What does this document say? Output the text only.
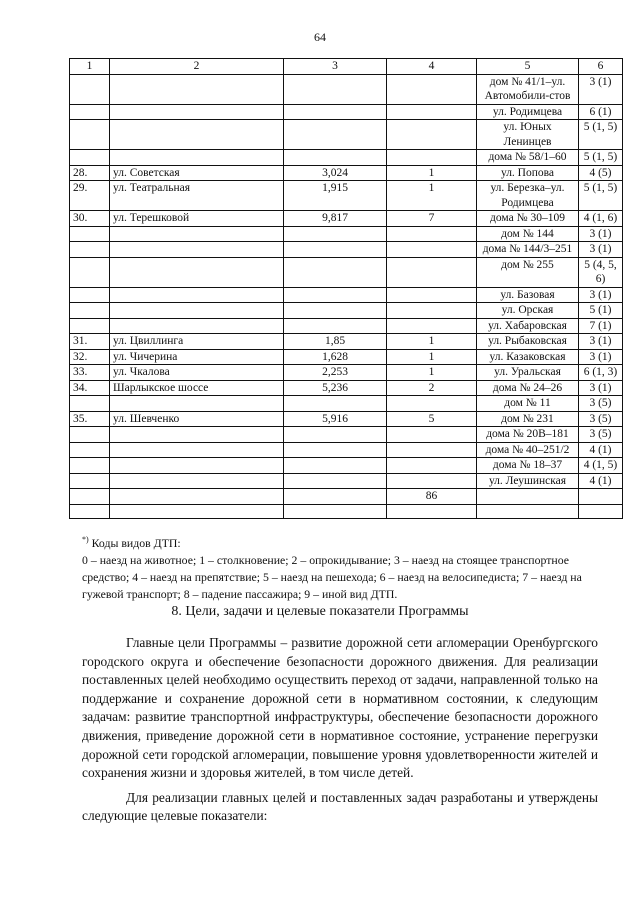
64
1	2	3	4	5	6
				дом № 41/1–ул. Автомобили-стов	3 (1)
				ул. Родимцева	6 (1)
				ул. Юных Ленинцев	5 (1, 5)
				дома № 58/1–60	5 (1, 5)
28.	ул. Советская	3,024	1	ул. Попова	4 (5)
29.	ул. Театральная	1,915	1	ул. Березка–ул. Родимцева	5 (1, 5)
30.	ул. Терешковой	9,817	7	дома № 30–109	4 (1, 6)
				дом № 144	3 (1)
				дома № 144/3–251	3 (1)
				дом № 255	5 (4, 5, 6)
				ул. Базовая	3 (1)
				ул. Орская	5 (1)
				ул. Хабаровская	7 (1)
31.	ул. Цвиллинга	1,85	1	ул. Рыбаковская	3 (1)
32.	ул. Чичерина	1,628	1	ул. Казаковская	3 (1)
33.	ул. Чкалова	2,253	1	ул. Уральская	6 (1, 3)
34.	Шарлыкское шоссе	5,236	2	дома № 24–26	3 (1)
				дом № 11	3 (5)
35.	ул. Шевченко	5,916	5	дом № 231	3 (5)
				дома № 20В–181	3 (5)
				дома № 40–251/2	4 (1)
				дома № 18–37	4 (1, 5)
				ул. Леушинская	4 (1)
			86		

*) Коды видов ДТП:
0 – наезд на животное; 1 – столкновение; 2 – опрокидывание; 3 – наезд на стоящее транспортное средство; 4 – наезд на препятствие; 5 – наезд на пешехода; 6 – наезд на велосипедиста; 7 – наезд на гужевой транспорт; 8 – падение пассажира; 9 – иной вид ДТП.
8. Цели, задачи и целевые показатели Программы

Главные цели Программы – развитие дорожной сети агломерации Оренбургского городского округа и обеспечение безопасности дорожного движения. Для реализации поставленных целей необходимо осуществить переход от задачи, направленной только на поддержание и сохранение дорожной сети в нормативном состоянии, к следующим задачам: развитие транспортной инфраструктуры, обеспечение безопасности дорожного движения, приведение дорожной сети в нормативное состояние, устранение перегрузки дорожной сети городской агломерации, повышение уровня удовлетворенности жителей и сохранения жизни и здоровья жителей, в том числе детей.

Для реализации главных целей и поставленных задач разработаны и утверждены следующие целевые показатели:
